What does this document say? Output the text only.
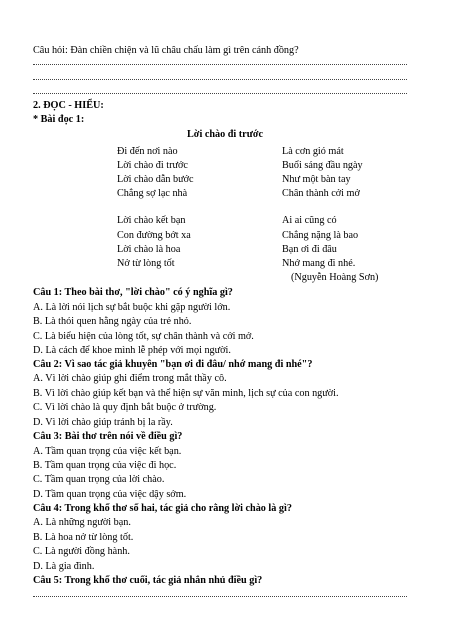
Câu hỏi: Đàn chiền chiện và lũ châu chấu làm gì trên cánh đồng?
2. ĐỌC - HIỂU:
* Bài đọc 1:
Lời chào đi trước
Đi đến nơi nào	Là cơn gió mát
Lời chào đi trước	Buổi sáng đầu ngày
Lời chào dẫn bước	Như một bàn tay
Chẳng sợ lạc nhà	Chân thành cởi mở
Lời chào kết bạn	Ai ai cũng có
Con đường bớt xa	Chẳng nặng là bao
Lời chào là hoa	Bạn ơi đi đâu
Nở từ lòng tốt	Nhớ mang đi nhé.
(Nguyễn Hoàng Sơn)
Câu 1: Theo bài thơ, "lời chào" có ý nghĩa gì?
A. Là lời nói lịch sự bắt buộc khi gặp người lớn.
B. Là thói quen hằng ngày của trẻ nhỏ.
C. Là biểu hiện của lòng tốt, sự chân thành và cởi mở.
D. Là cách để khoe mình lễ phép với mọi người.
Câu 2: Vì sao tác giả khuyên "bạn ơi đi đâu/ nhớ mang đi nhé"?
A. Vì lời chào giúp ghi điểm trong mắt thầy cô.
B. Vì lời chào giúp kết bạn và thể hiện sự văn minh, lịch sự của con người.
C. Vì lời chào là quy định bắt buộc ở trường.
D. Vì lời chào giúp tránh bị la rầy.
Câu 3: Bài thơ trên nói về điều gì?
A. Tầm quan trọng của việc kết bạn.
B. Tầm quan trọng của việc đi học.
C. Tầm quan trọng của lời chào.
D. Tầm quan trọng của việc dậy sớm.
Câu 4: Trong khổ thơ số hai, tác giả cho rằng lời chào là gì?
A. Là những người bạn.
B. Là hoa nở từ lòng tốt.
C. Là người đồng hành.
D. Là gia đình.
Câu 5: Trong khổ thơ cuối, tác giả nhắn nhủ điều gì?
